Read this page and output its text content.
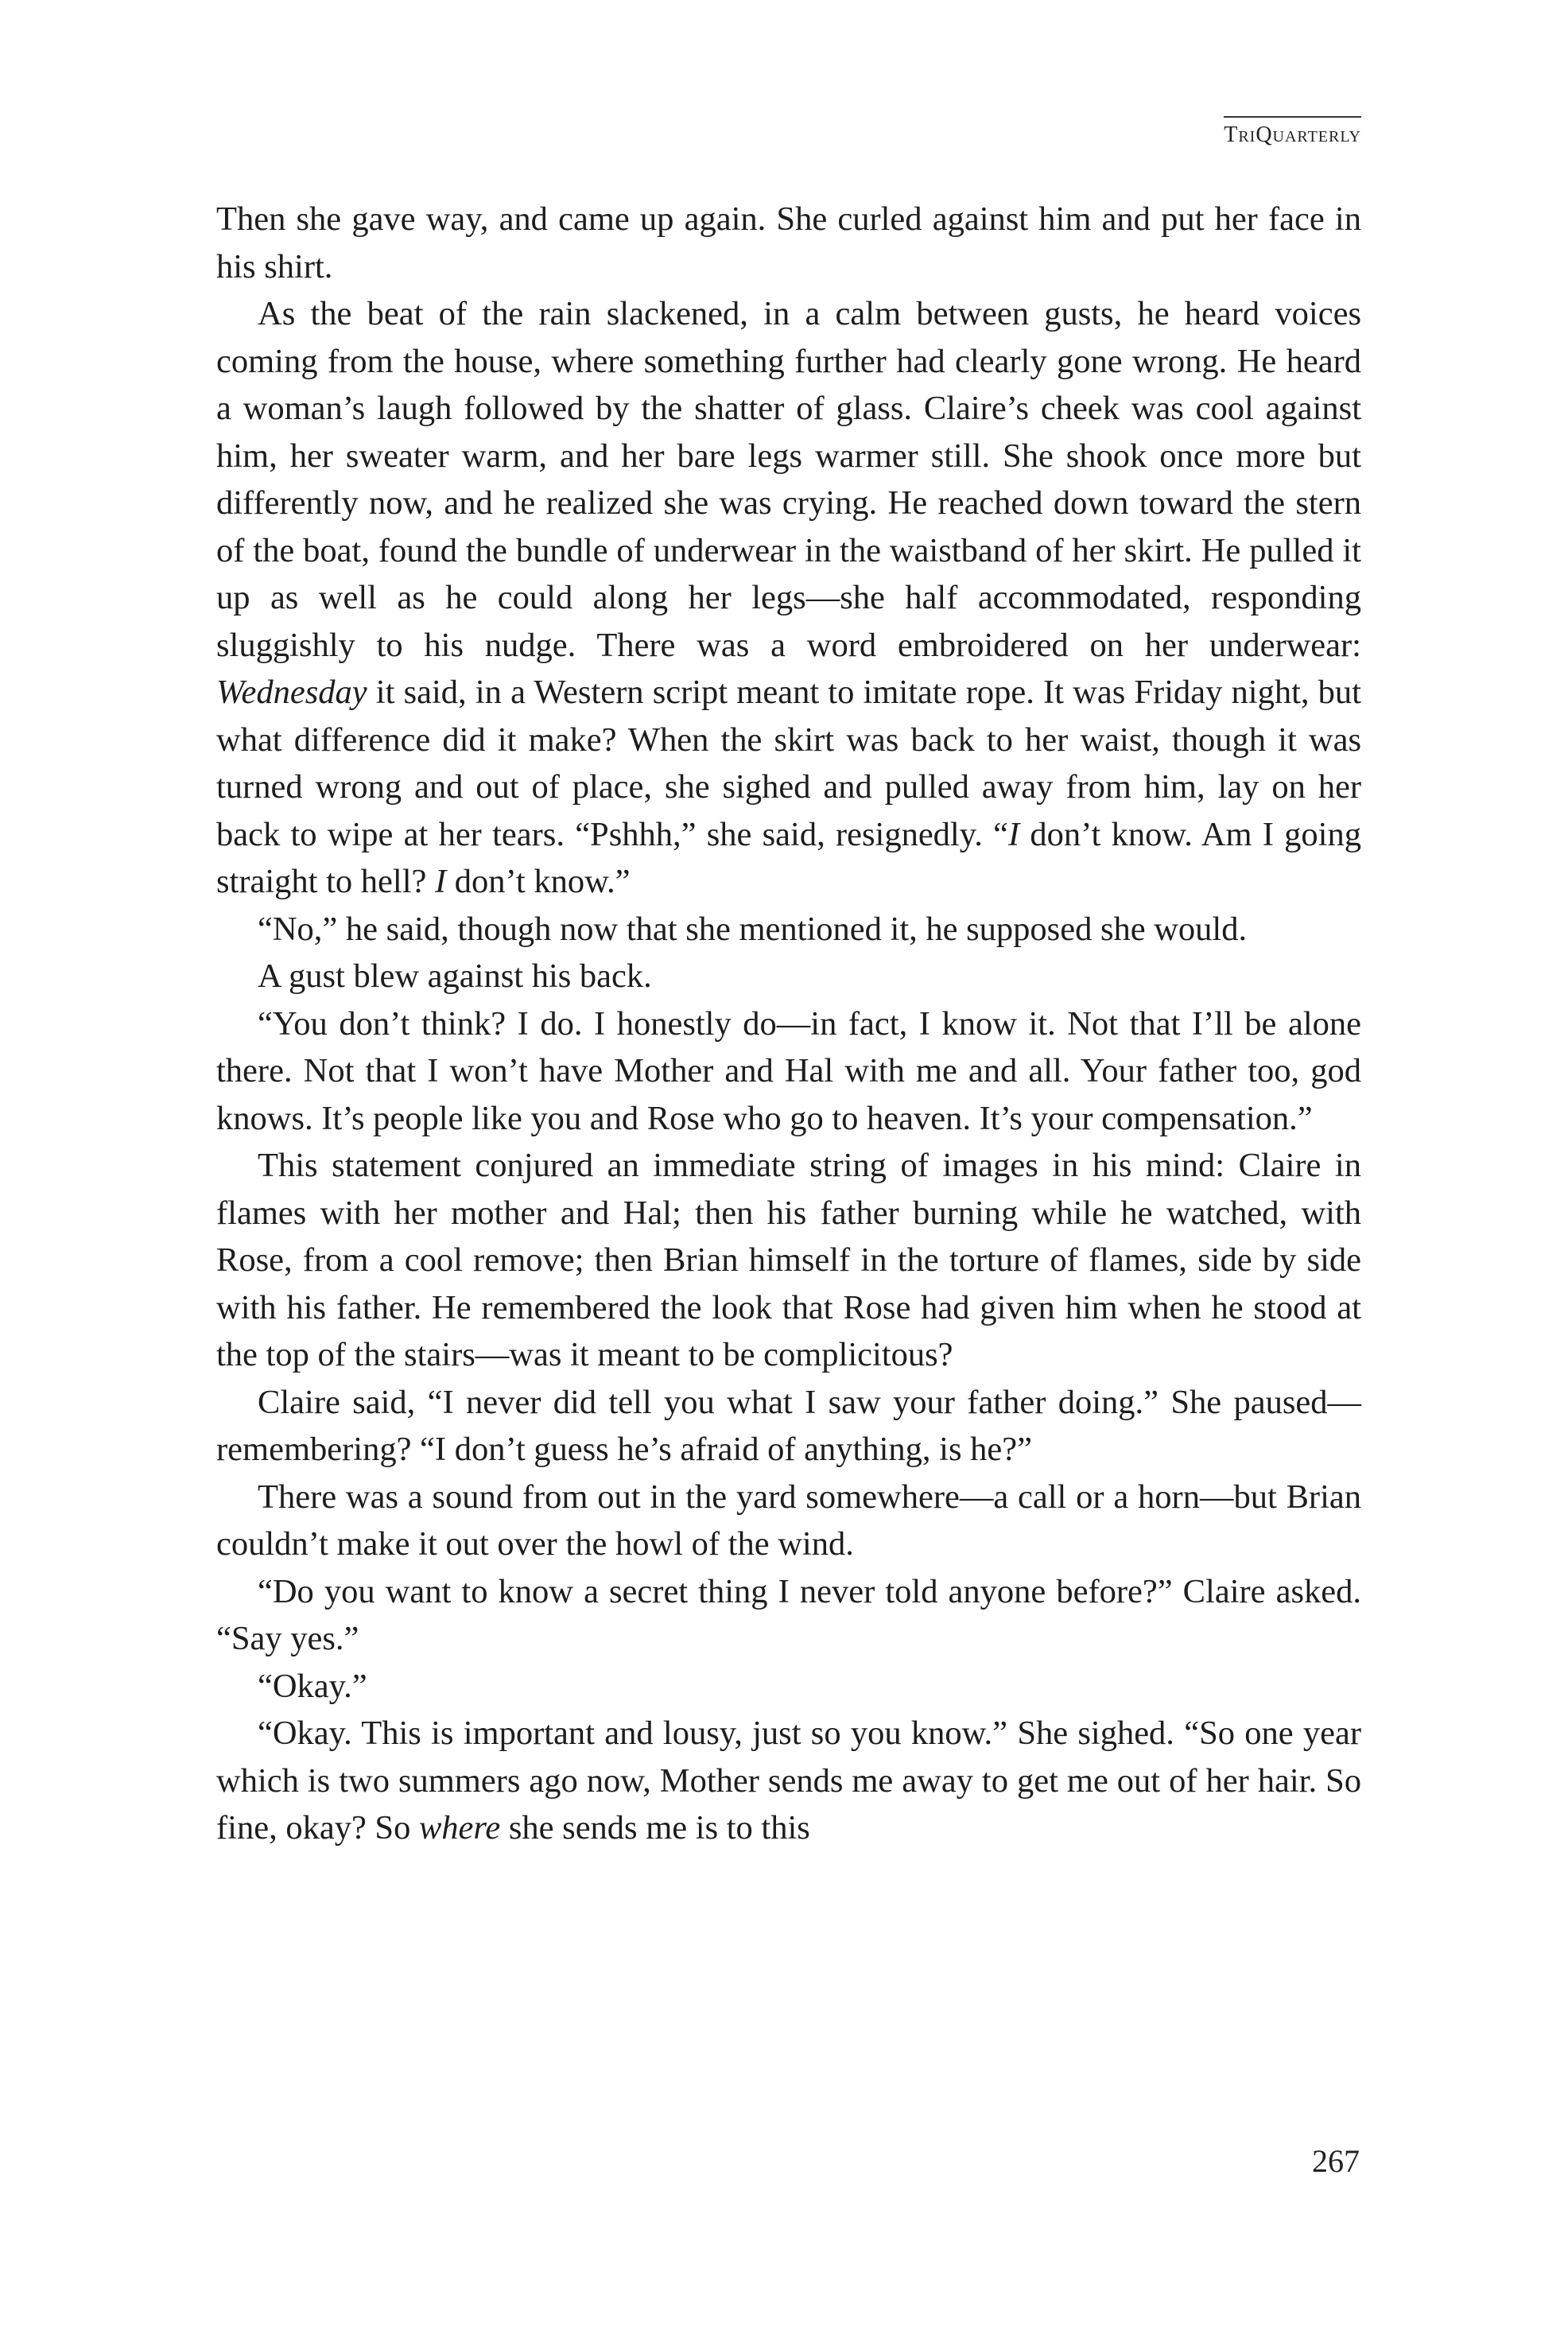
TriQuarterly

Then she gave way, and came up again. She curled against him and put her face in his shirt.

As the beat of the rain slackened, in a calm between gusts, he heard voices coming from the house, where something further had clearly gone wrong. He heard a woman’s laugh followed by the shatter of glass. Claire’s cheek was cool against him, her sweater warm, and her bare legs warmer still. She shook once more but differently now, and he realized she was crying. He reached down toward the stern of the boat, found the bundle of underwear in the waistband of her skirt. He pulled it up as well as he could along her legs—she half accommodated, responding sluggishly to his nudge. There was a word embroidered on her underwear: Wednesday it said, in a Western script meant to imitate rope. It was Friday night, but what difference did it make? When the skirt was back to her waist, though it was turned wrong and out of place, she sighed and pulled away from him, lay on her back to wipe at her tears. “Pshhh,” she said, resignedly. “I don’t know. Am I going straight to hell? I don’t know.”

“No,” he said, though now that she mentioned it, he supposed she would.

A gust blew against his back.

“You don’t think? I do. I honestly do—in fact, I know it. Not that I’ll be alone there. Not that I won’t have Mother and Hal with me and all. Your father too, god knows. It’s people like you and Rose who go to heaven. It’s your compensation.”

This statement conjured an immediate string of images in his mind: Claire in flames with her mother and Hal; then his father burning while he watched, with Rose, from a cool remove; then Brian himself in the torture of flames, side by side with his father. He remembered the look that Rose had given him when he stood at the top of the stairs—was it meant to be complicitous?

Claire said, “I never did tell you what I saw your father doing.” She paused—remembering? “I don’t guess he’s afraid of anything, is he?”

There was a sound from out in the yard somewhere—a call or a horn—but Brian couldn’t make it out over the howl of the wind.

“Do you want to know a secret thing I never told anyone before?” Claire asked. “Say yes.”

“Okay.”

“Okay. This is important and lousy, just so you know.” She sighed. “So one year which is two summers ago now, Mother sends me away to get me out of her hair. So fine, okay? So where she sends me is to this

267
